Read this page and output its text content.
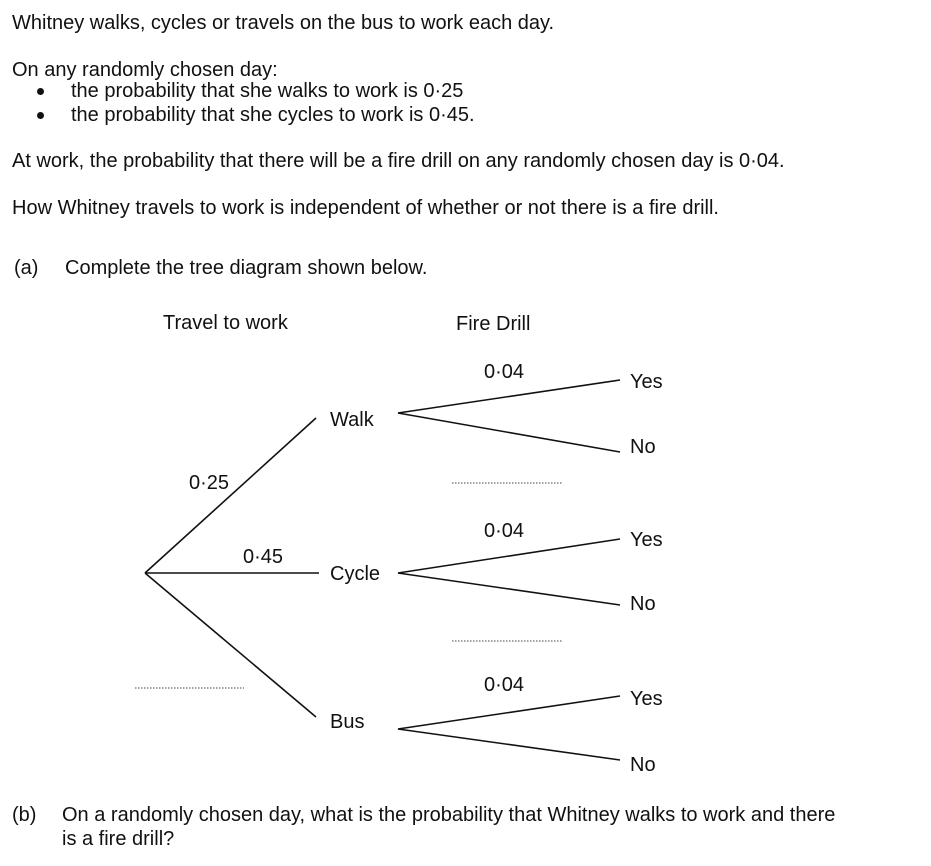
Whitney walks, cycles or travels on the bus to work each day.
On any randomly chosen day:
the probability that she walks to work is 0·25
the probability that she cycles to work is 0·45.
At work, the probability that there will be a fire drill on any randomly chosen day is 0·04.
How Whitney travels to work is independent of whether or not there is a fire drill.
(a) Complete the tree diagram shown below.
Travel to work	Fire Drill
0·25
0·45
Walk
Cycle
Bus
0·04	Yes
No
0·04	Yes
No
0·04
Yes
No
(b) On a randomly chosen day, what is the probability that Whitney walks to work and there
is a fire drill?
